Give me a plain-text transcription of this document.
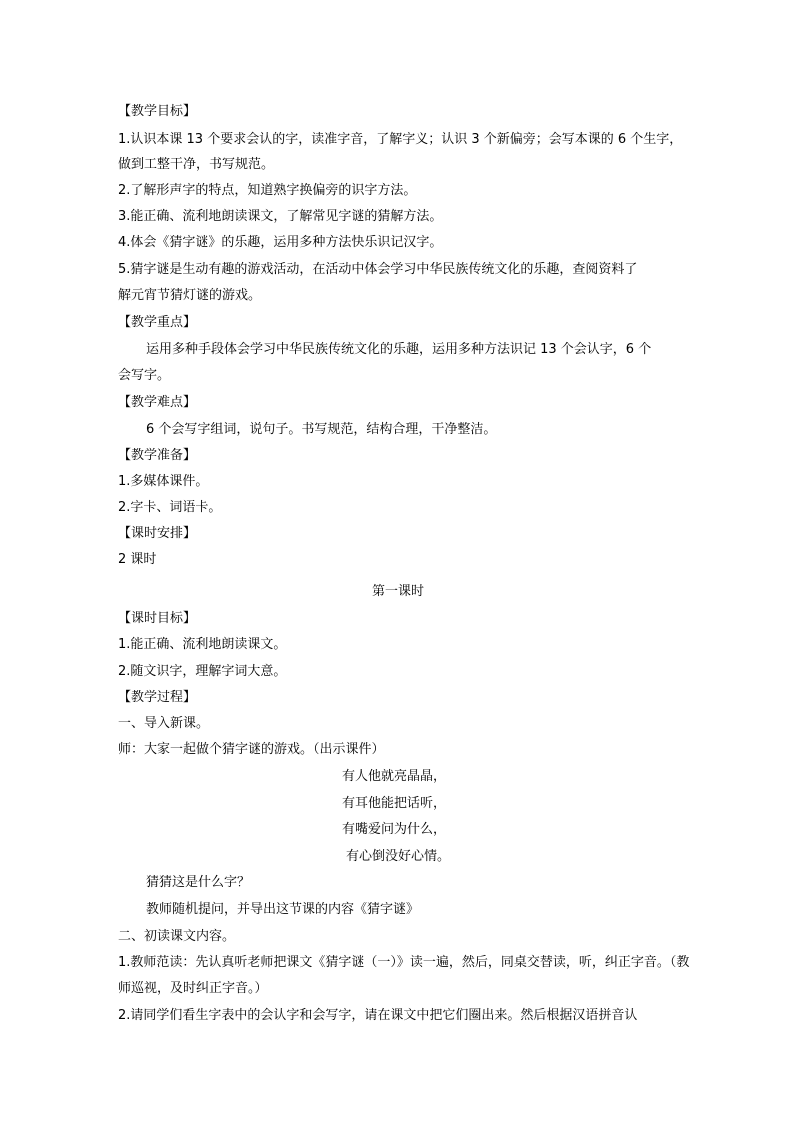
【教学目标】
1.认识本课 13 个要求会认的字，读准字音，了解字义；认识 3 个新偏旁；会写本课的 6 个生字，
做到工整干净，书写规范。
2.了解形声字的特点，知道熟字换偏旁的识字方法。
3.能正确、流利地朗读课文，了解常见字谜的猜解方法。
4.体会《猜字谜》的乐趣，运用多种方法快乐识记汉字。
5.猜字谜是生动有趣的游戏活动，在活动中体会学习中华民族传统文化的乐趣，查阅资料了
解元宵节猜灯谜的游戏。
【教学重点】
运用多种手段体会学习中华民族传统文化的乐趣，运用多种方法识记 13 个会认字，6 个
会写字。
【教学难点】
6 个会写字组词，说句子。书写规范，结构合理，干净整洁。
【教学准备】
1.多媒体课件。
2.字卡、词语卡。
【课时安排】
2 课时
第一课时
【课时目标】
1.能正确、流利地朗读课文。
2.随文识字，理解字词大意。
【教学过程】
一、导入新课。
师：大家一起做个猜字谜的游戏。（出示课件）
有人他就亮晶晶，
有耳他能把话听，
有嘴爱问为什么，
有心倒没好心情。
猜猜这是什么字？
教师随机提问，并导出这节课的内容《猜字谜》
二、初读课文内容。
1.教师范读：先认真听老师把课文《猜字谜（一）》读一遍，然后，同桌交替读，听，纠正字音。（教
师巡视，及时纠正字音。）
2.请同学们看生字表中的会认字和会写字，请在课文中把它们圈出来。然后根据汉语拼音认
